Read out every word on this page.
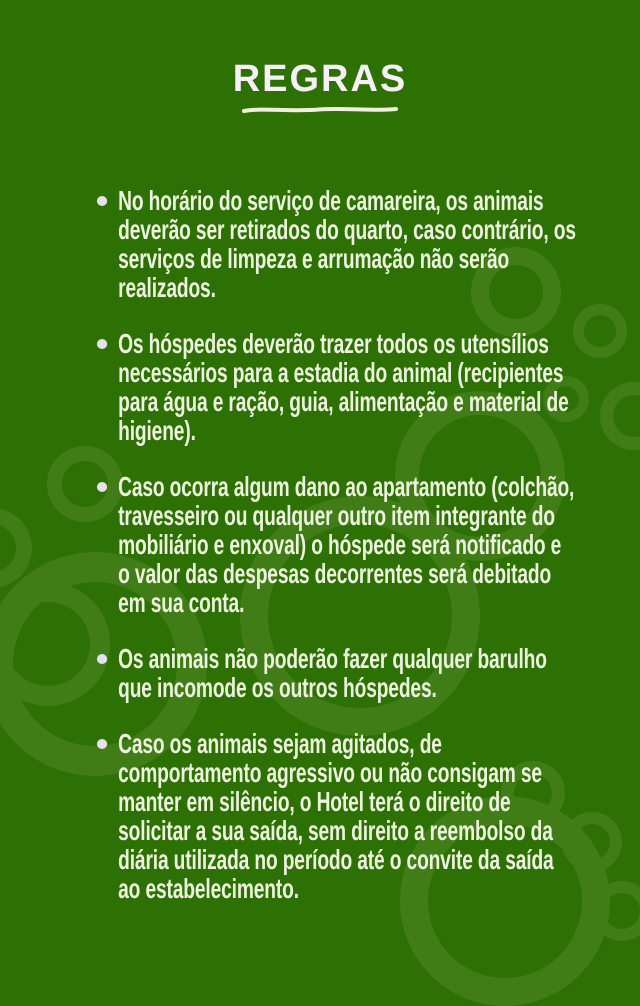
REGRAS
No horário do serviço de camareira, os animais deverão ser retirados do quarto, caso contrário, os serviços de limpeza e arrumação não serão realizados.
Os hóspedes deverão trazer todos os utensílios necessários para a estadia do animal (recipientes para água e ração, guia, alimentação e material de higiene).
Caso ocorra algum dano ao apartamento (colchão, travesseiro ou qualquer outro item integrante do mobiliário e enxoval) o hóspede será notificado e o valor das despesas decorrentes será debitado em sua conta.
Os animais não poderão fazer qualquer barulho que incomode os outros hóspedes.
Caso os animais sejam agitados, de comportamento agressivo ou não consigam se manter em silêncio, o Hotel terá o direito de solicitar a sua saída, sem direito a reembolso da diária utilizada no período até o convite da saída ao estabelecimento.
